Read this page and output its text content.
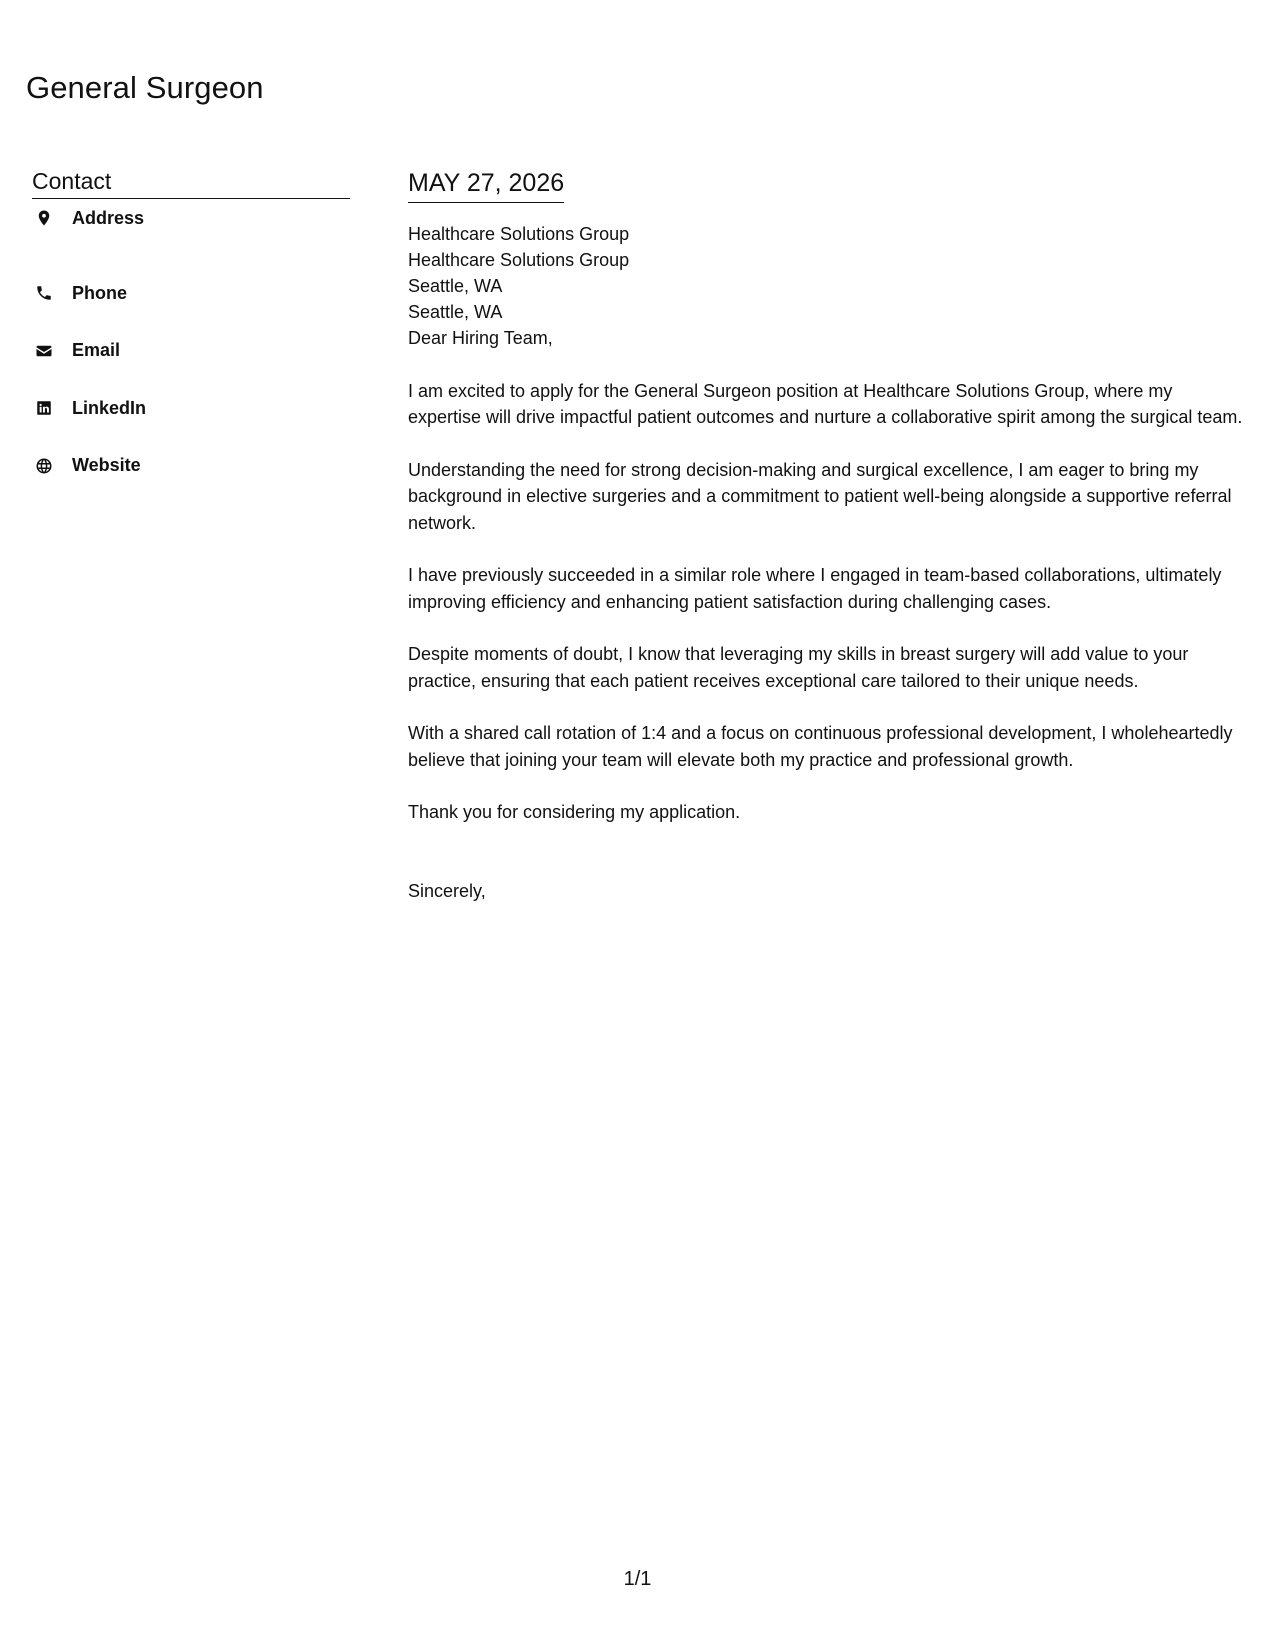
General Surgeon
Contact
Address
Phone
Email
LinkedIn
Website
MAY 27, 2026
Healthcare Solutions Group
Healthcare Solutions Group
Seattle, WA
Seattle, WA

Dear Hiring Team,

I am excited to apply for the General Surgeon position at Healthcare Solutions Group, where my expertise will drive impactful patient outcomes and nurture a collaborative spirit among the surgical team.

Understanding the need for strong decision-making and surgical excellence, I am eager to bring my background in elective surgeries and a commitment to patient well-being alongside a supportive referral network.

I have previously succeeded in a similar role where I engaged in team-based collaborations, ultimately improving efficiency and enhancing patient satisfaction during challenging cases.

Despite moments of doubt, I know that leveraging my skills in breast surgery will add value to your practice, ensuring that each patient receives exceptional care tailored to their unique needs.

With a shared call rotation of 1:4 and a focus on continuous professional development, I wholeheartedly believe that joining your team will elevate both my practice and professional growth.

Thank you for considering my application.

Sincerely,

1/1
